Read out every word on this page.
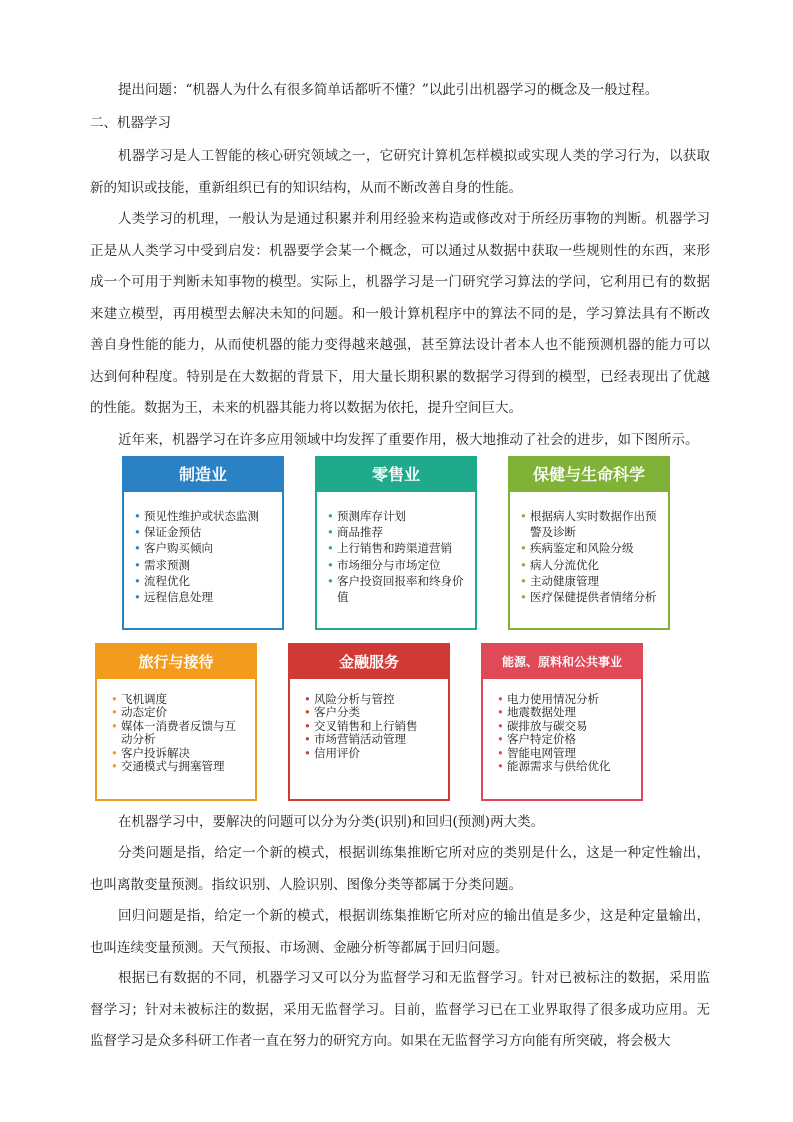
提出问题：“机器人为什么有很多简单话都听不懂？”以此引出机器学习的概念及一般过程。
二、机器学习

机器学习是人工智能的核心研究领域之一，它研究计算机怎样模拟或实现人类的学习行为，以获取新的知识或技能，重新组织已有的知识结构，从而不断改善自身的性能。

人类学习的机理，一般认为是通过积累并利用经验来构造或修改对于所经历事物的判断。机器学习正是从人类学习中受到启发：机器要学会某一个概念，可以通过从数据中获取一些规则性的东西，来形成一个可用于判断未知事物的模型。实际上，机器学习是一门研究学习算法的学问，它利用已有的数据来建立模型，再用模型去解决未知的问题。和一般计算机程序中的算法不同的是，学习算法具有不断改善自身性能的能力，从而使机器的能力变得越来越强，甚至算法设计者本人也不能预测机器的能力可以达到何种程度。特别是在大数据的背景下，用大量长期积累的数据学习得到的模型，已经表现出了优越的性能。数据为王，未来的机器其能力将以数据为依托，提升空间巨大。

近年来，机器学习在许多应用领域中均发挥了重要作用，极大地推动了社会的进步，如下图所示。

制造业
• 预见性维护或状态监测
• 保证金预估
• 客户购买倾向
• 需求预测
• 流程优化
• 远程信息处理
零售业
• 预测库存计划
• 商品推荐
• 上行销售和跨渠道营销
• 市场细分与市场定位
• 客户投资回报率和终身价值
保健与生命科学
• 根据病人实时数据作出预警及诊断
• 疾病鉴定和风险分级
• 病人分流优化
• 主动健康管理
• 医疗保健提供者情绪分析
旅行与接待
• 飞机调度
• 动态定价
• 媒体一消费者反馈与互动分析
• 客户投诉解决
• 交通模式与拥塞管理
金融服务
• 风险分析与管控
• 客户分类
• 交叉销售和上行销售
• 市场营销活动管理
• 信用评价
能源、原料和公共事业
• 电力使用情况分析
• 地震数据处理
• 碳排放与碳交易
• 客户特定价格
• 智能电网管理
• 能源需求与供给优化

在机器学习中，要解决的问题可以分为分类(识别)和回归(预测)两大类。

分类问题是指，给定一个新的模式，根据训练集推断它所对应的类别是什么，这是一种定性输出，也叫离散变量预测。指纹识别、人脸识别、图像分类等都属于分类问题。

回归问题是指，给定一个新的模式，根据训练集推断它所对应的输出值是多少，这是种定量输出，也叫连续变量预测。天气预报、市场测、金融分析等都属于回归问题。

根据已有数据的不同，机器学习又可以分为监督学习和无监督学习。针对已被标注的数据，采用监督学习；针对未被标注的数据，采用无监督学习。目前，监督学习已在工业界取得了很多成功应用。无监督学习是众多科研工作者一直在努力的研究方向。如果在无监督学习方向能有所突破，将会极大
